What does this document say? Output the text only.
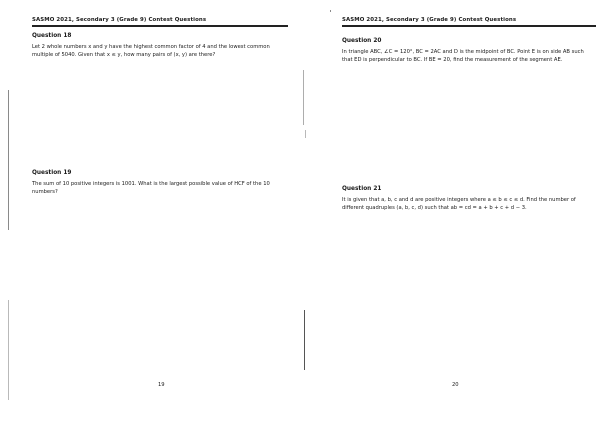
SASMO 2021, Secondary 3 (Grade 9) Contest Questions
Question 18
Let 2 whole numbers x and y have the highest common factor of 4 and the lowest common multiple of 5040. Given that x ≤ y, how many pairs of (x, y) are there?
Question 19
The sum of 10 positive integers is 1001. What is the largest possible value of HCF of the 10 numbers?
19
SASMO 2021, Secondary 3 (Grade 9) Contest Questions
Question 20
In triangle ABC, ∠C = 120°, BC = 2AC and D is the midpoint of BC. Point E is on side AB such that ED is perpendicular to BC. If BE = 20, find the measurement of the segment AE.
Question 21
It is given that a, b, c and d are positive integers where a ≤ b ≤ c ≤ d. Find the number of different quadruples (a, b, c, d) such that ab = cd = a + b + c + d − 3.
20
